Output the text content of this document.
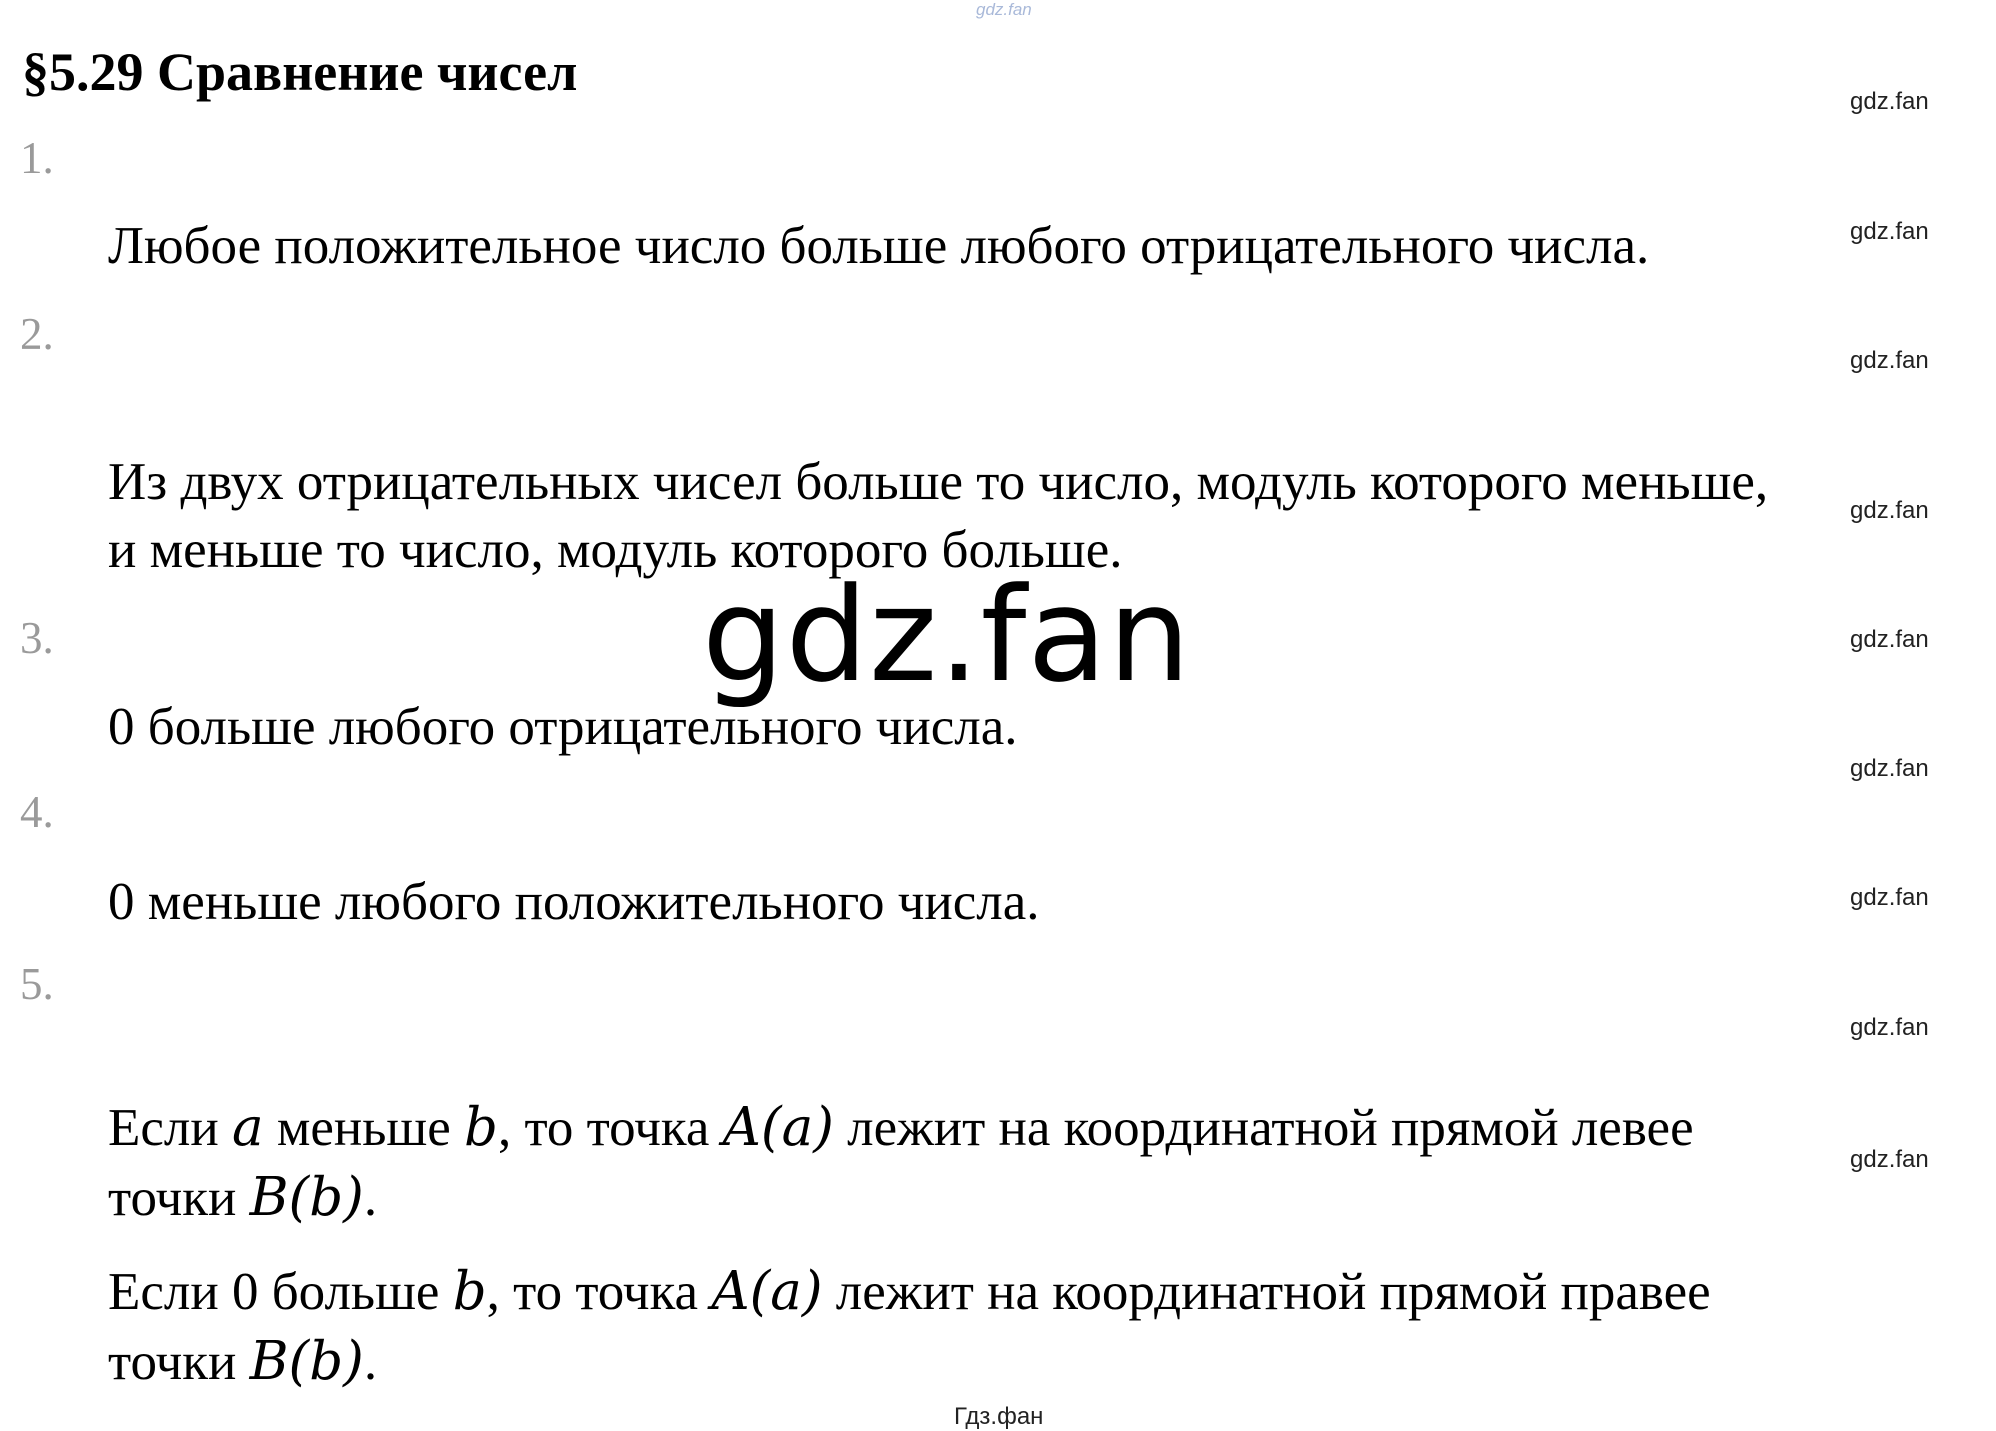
gdz.fan
§5.29 Сравнение чисел	gdz.fan
gdz.fan
gdz.fan
gdz.fan
gdz.fan
gdz.fan
gdz.fan
gdz.fan
gdz.fan
1.
Любое положительное число больше любого отрицательного числа.
2.
Из двух отрицательных чисел больше то число, модуль которого меньше,
и меньше то число, модуль которого больше.
3.
0 больше любого отрицательного числа.
gdz.fan
4.
0 меньше любого положительного числа.
5.
Если a меньше b, то точка A(a) лежит на координатной прямой левее
точки B(b).
Если 0 больше b, то точка A(a) лежит на координатной прямой правее
точки B(b).
Гдз.фан
